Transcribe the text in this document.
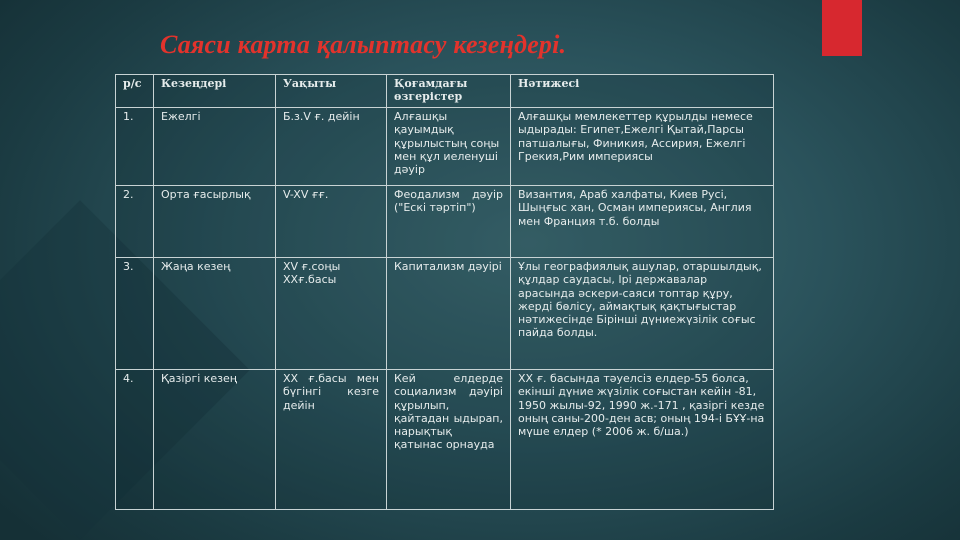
Саяси карта қалыптасу кезеңдері.
р/с	Кезеңдері	Уақыты	Қоғамдағы өзгерістер	Нәтижесі
1.	Ежелгі	Б.з.V ғ. дейін	Алғашқы қауымдық құрылыстың соңы мен құл иеленуші дәуір	Алғашқы мемлекеттер құрылды немесе ыдырады: Египет,Ежелгі Қытай,Парсы патшалығы, Финикия, Ассирия, Ежелгі Грекия,Рим империясы
2.	Орта ғасырлық	V-XV ғғ.	Феодализм дәуір ("Ескі тәртіп")	Византия, Араб халфаты, Киев Русі, Шыңғыс хан, Осман империясы, Англия мен Франция т.б. болды
3.	Жаңа кезең	XV ғ.соңы XXғ.басы	Капитализм дәуірі	Ұлы географиялық ашулар, отаршылдық, құлдар саудасы, Ірі державалар арасында әскери-саяси топтар құру, жерді бөлісу, аймақтық қақтығыстар нәтижесінде Бірінші дүниежүзілік соғыс пайда болды.
4.	Қазіргі кезең	XX ғ.басы мен бүгінгі кезге дейін	Кей елдерде социализм дәуірі құрылып, қайтадан ыдырап, нарықтық қатынас орнауда	XX ғ. басында тәуелсіз елдер-55 болса, екінші дүние жүзілік соғыстан кейін -81, 1950 жылы-92, 1990 ж.-171 , қазіргі кезде оның саны-200-ден асв; оның 194-і БҰҰ-на мүше елдер (* 2006 ж. б/ша.)
